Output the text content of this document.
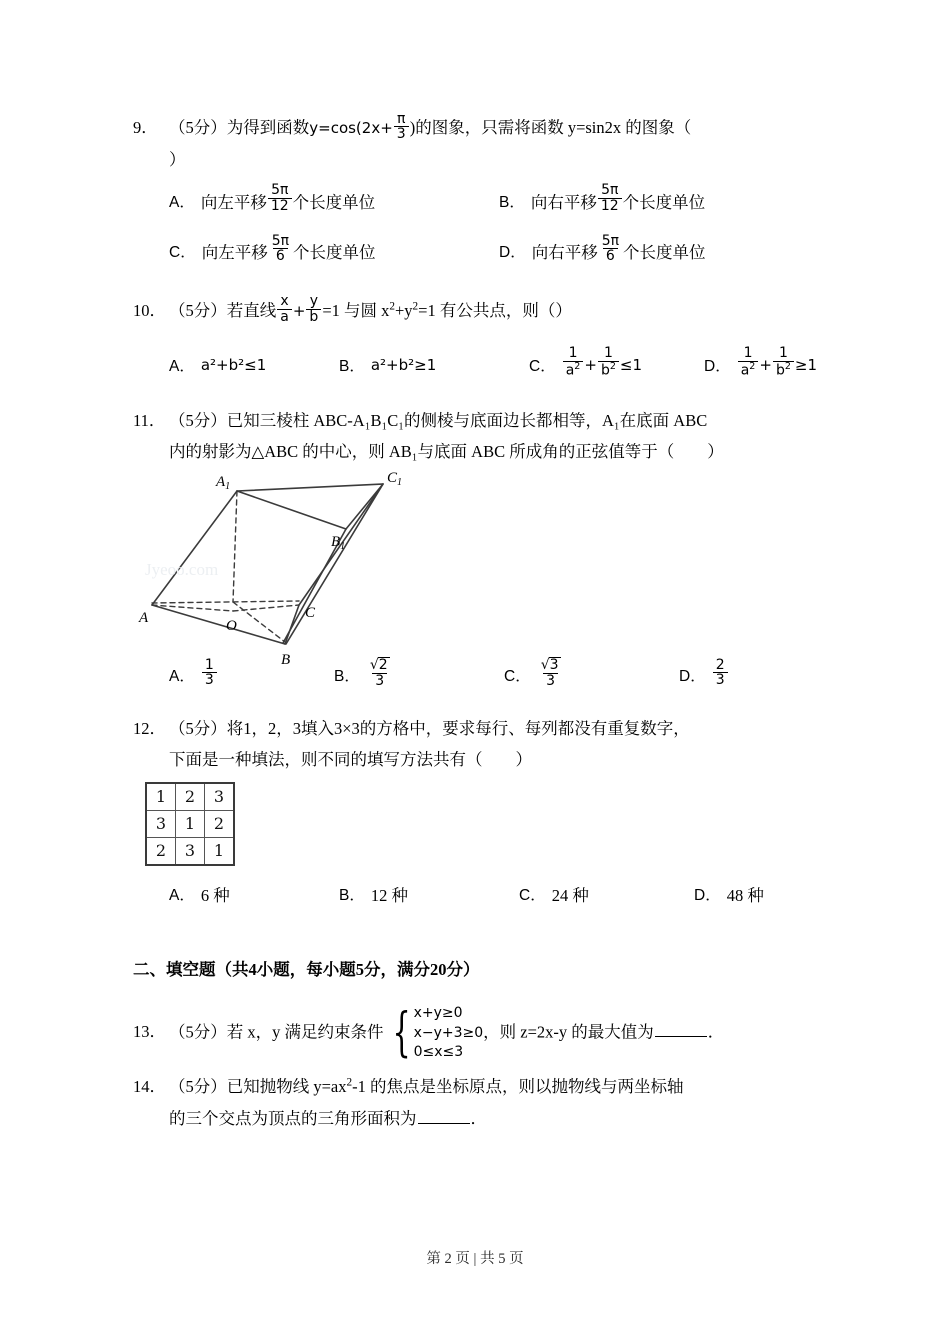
9． （5分）为得到函数$y=\cos(2x+ \frac{\pi}{3}$ )的图象，只需将函数 y=sin2x 的图象（
）
A． 向左平移 $\frac{5\pi}{12}$ 个长度单位	B． 向右平移 $\frac{5\pi}{12}$ 个长度单位
C． 向左平移 $\frac{5\pi}{6}$ 个长度单位	D． 向右平移 $\frac{5\pi}{6}$ 个长度单位
10． （5分）若直线 $\frac{x}{a} + \frac{y}{b} =1$ 与圆 $x^2+y^2=1$ 有公共点，则（）
A． a²+b²≤1	B． a²+b²≥1	C． $\frac{1}{a^2} + \frac{1}{b^2} \le 1$	D． $\frac{1}{a^2} + \frac{1}{b^2} \ge 1$
11． （5分）已知三棱柱 ABC‑A₁B₁C₁的侧棱与底面边长都相等，A₁在底面 ABC
内的射影为△ABC 的中心，则 AB₁与底面 ABC 所成角的正弦值等于（　　）
$A_1$
$C_1$
$B_1$
A	C
B
O
Jyeoo.com
A． $\frac{1}{3}$	B． $\frac{√2}{3}$	C． $\frac{√3}{3}$	D． $\frac{2}{3}$
12． （5分）将1，2，3填入3×3的方格中，要求每行、每列都没有重复数字，
下面是一种填法，则不同的填写方法共有（　　）
1	2	3
3	1	2
2	3	1
A． 6 种	B． 12 种	C． 24 种	D． 48 种
二、填空题（共4小题，每小题5分，满分20分）
13． （5分）若 x，y 满足约束条件 { x+y≥0
x−y+3≥0
0≤x≤3
，则 z=2x‑y 的最大值为	．
14． （5分）已知抛物线 $y=ax^2‑1$ 的焦点是坐标原点，则以抛物线与两坐标轴
的三个交点为顶点的三角形面积为	．
第 2 页 | 共 5 页
